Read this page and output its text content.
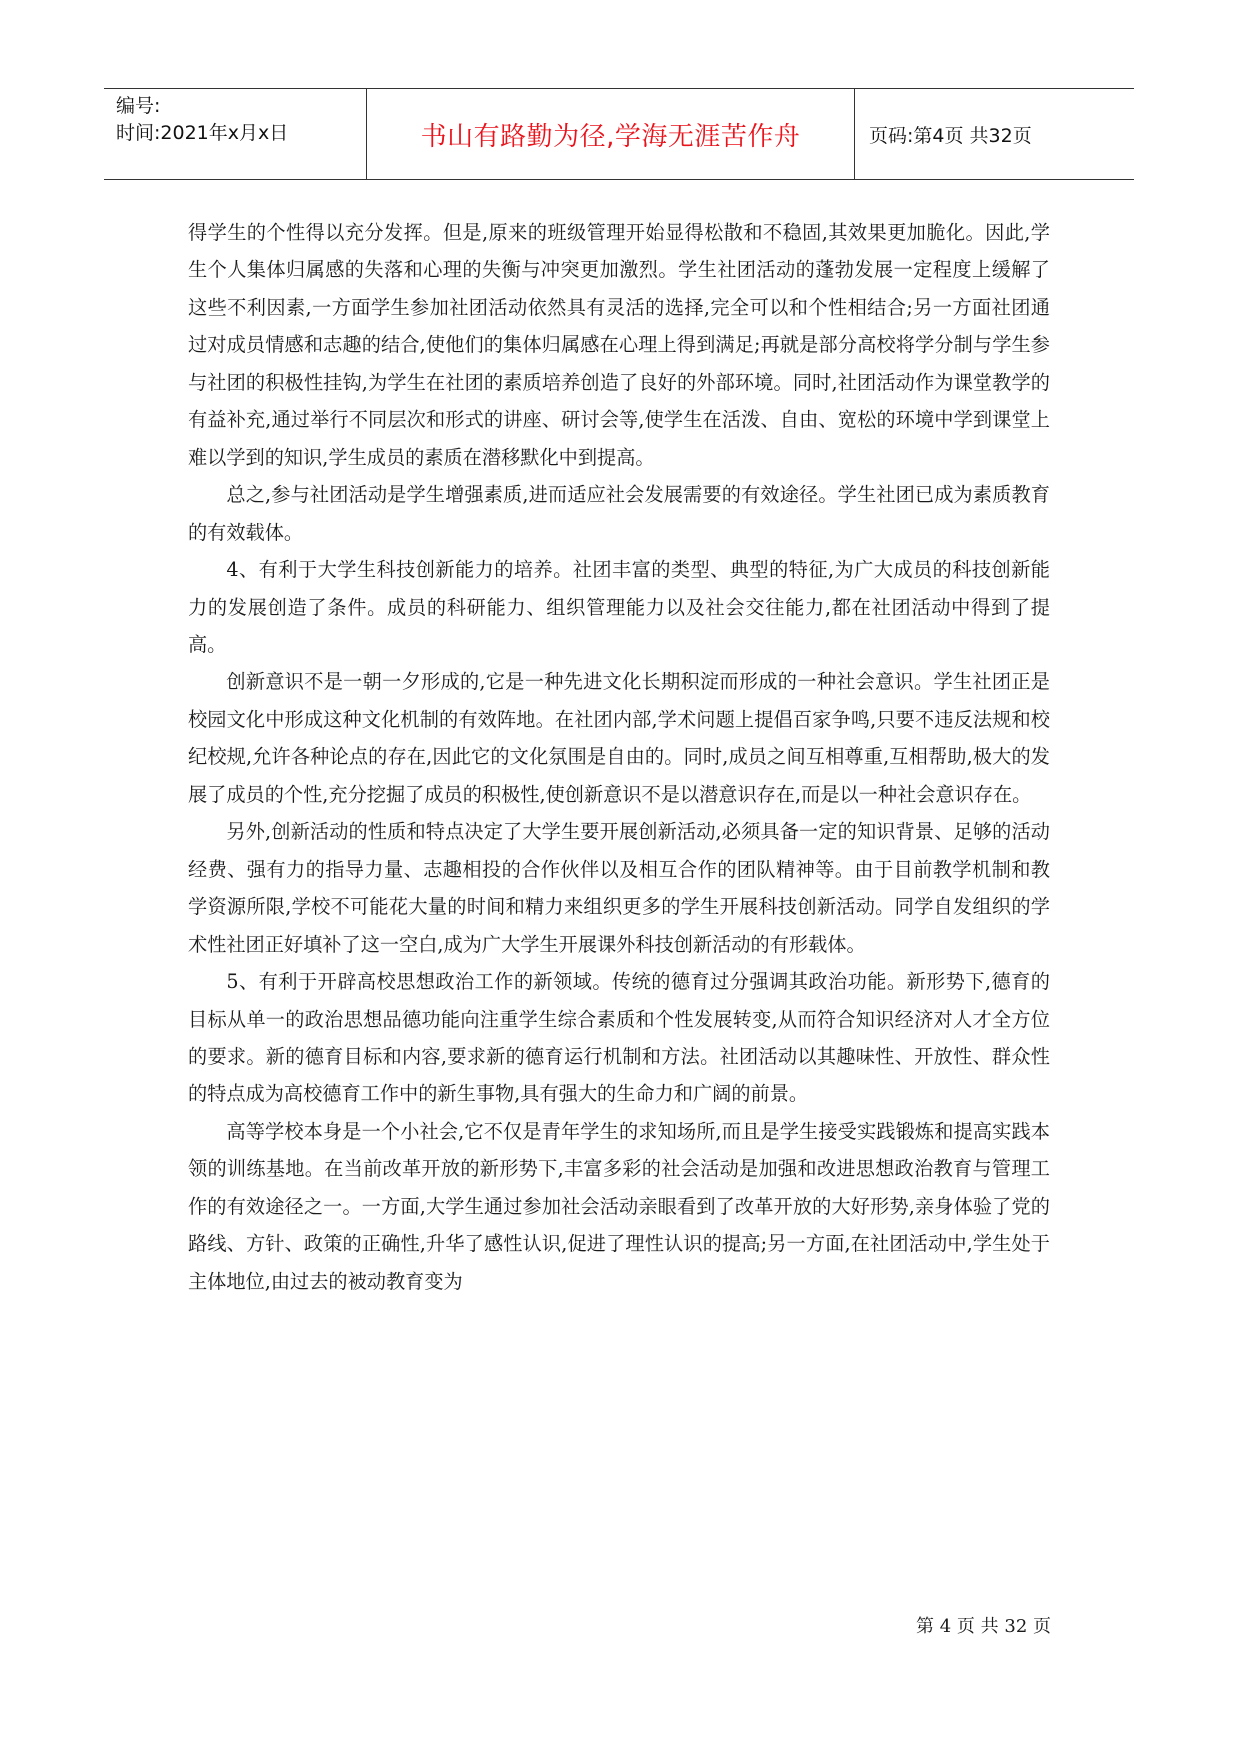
编号:
时间:2021年x月x日	书山有路勤为径,学海无涯苦作舟	页码:第4页 共32页

得学生的个性得以充分发挥。但是,原来的班级管理开始显得松散和不稳固,其效果更加脆化。因此,学生个人集体归属感的失落和心理的失衡与冲突更加激烈。学生社团活动的蓬勃发展一定程度上缓解了这些不利因素,一方面学生参加社团活动依然具有灵活的选择,完全可以和个性相结合;另一方面社团通过对成员情感和志趣的结合,使他们的集体归属感在心理上得到满足;再就是部分高校将学分制与学生参与社团的积极性挂钩,为学生在社团的素质培养创造了良好的外部环境。同时,社团活动作为课堂教学的有益补充,通过举行不同层次和形式的讲座、研讨会等,使学生在活泼、自由、宽松的环境中学到课堂上难以学到的知识,学生成员的素质在潜移默化中到提高。

总之,参与社团活动是学生增强素质,进而适应社会发展需要的有效途径。学生社团已成为素质教育的有效载体。

4、有利于大学生科技创新能力的培养。社团丰富的类型、典型的特征,为广大成员的科技创新能力的发展创造了条件。成员的科研能力、组织管理能力以及社会交往能力,都在社团活动中得到了提高。

创新意识不是一朝一夕形成的,它是一种先进文化长期积淀而形成的一种社会意识。学生社团正是校园文化中形成这种文化机制的有效阵地。在社团内部,学术问题上提倡百家争鸣,只要不违反法规和校纪校规,允许各种论点的存在,因此它的文化氛围是自由的。同时,成员之间互相尊重,互相帮助,极大的发展了成员的个性,充分挖掘了成员的积极性,使创新意识不是以潜意识存在,而是以一种社会意识存在。

另外,创新活动的性质和特点决定了大学生要开展创新活动,必须具备一定的知识背景、足够的活动经费、强有力的指导力量、志趣相投的合作伙伴以及相互合作的团队精神等。由于目前教学机制和教学资源所限,学校不可能花大量的时间和精力来组织更多的学生开展科技创新活动。同学自发组织的学术性社团正好填补了这一空白,成为广大学生开展课外科技创新活动的有形载体。

5、有利于开辟高校思想政治工作的新领域。传统的德育过分强调其政治功能。新形势下,德育的目标从单一的政治思想品德功能向注重学生综合素质和个性发展转变,从而符合知识经济对人才全方位的要求。新的德育目标和内容,要求新的德育运行机制和方法。社团活动以其趣味性、开放性、群众性的特点成为高校德育工作中的新生事物,具有强大的生命力和广阔的前景。

高等学校本身是一个小社会,它不仅是青年学生的求知场所,而且是学生接受实践锻炼和提高实践本领的训练基地。在当前改革开放的新形势下,丰富多彩的社会活动是加强和改进思想政治教育与管理工作的有效途径之一。一方面,大学生通过参加社会活动亲眼看到了改革开放的大好形势,亲身体验了党的路线、方针、政策的正确性,升华了感性认识,促进了理性认识的提高;另一方面,在社团活动中,学生处于主体地位,由过去的被动教育变为

第 4 页 共 32 页
